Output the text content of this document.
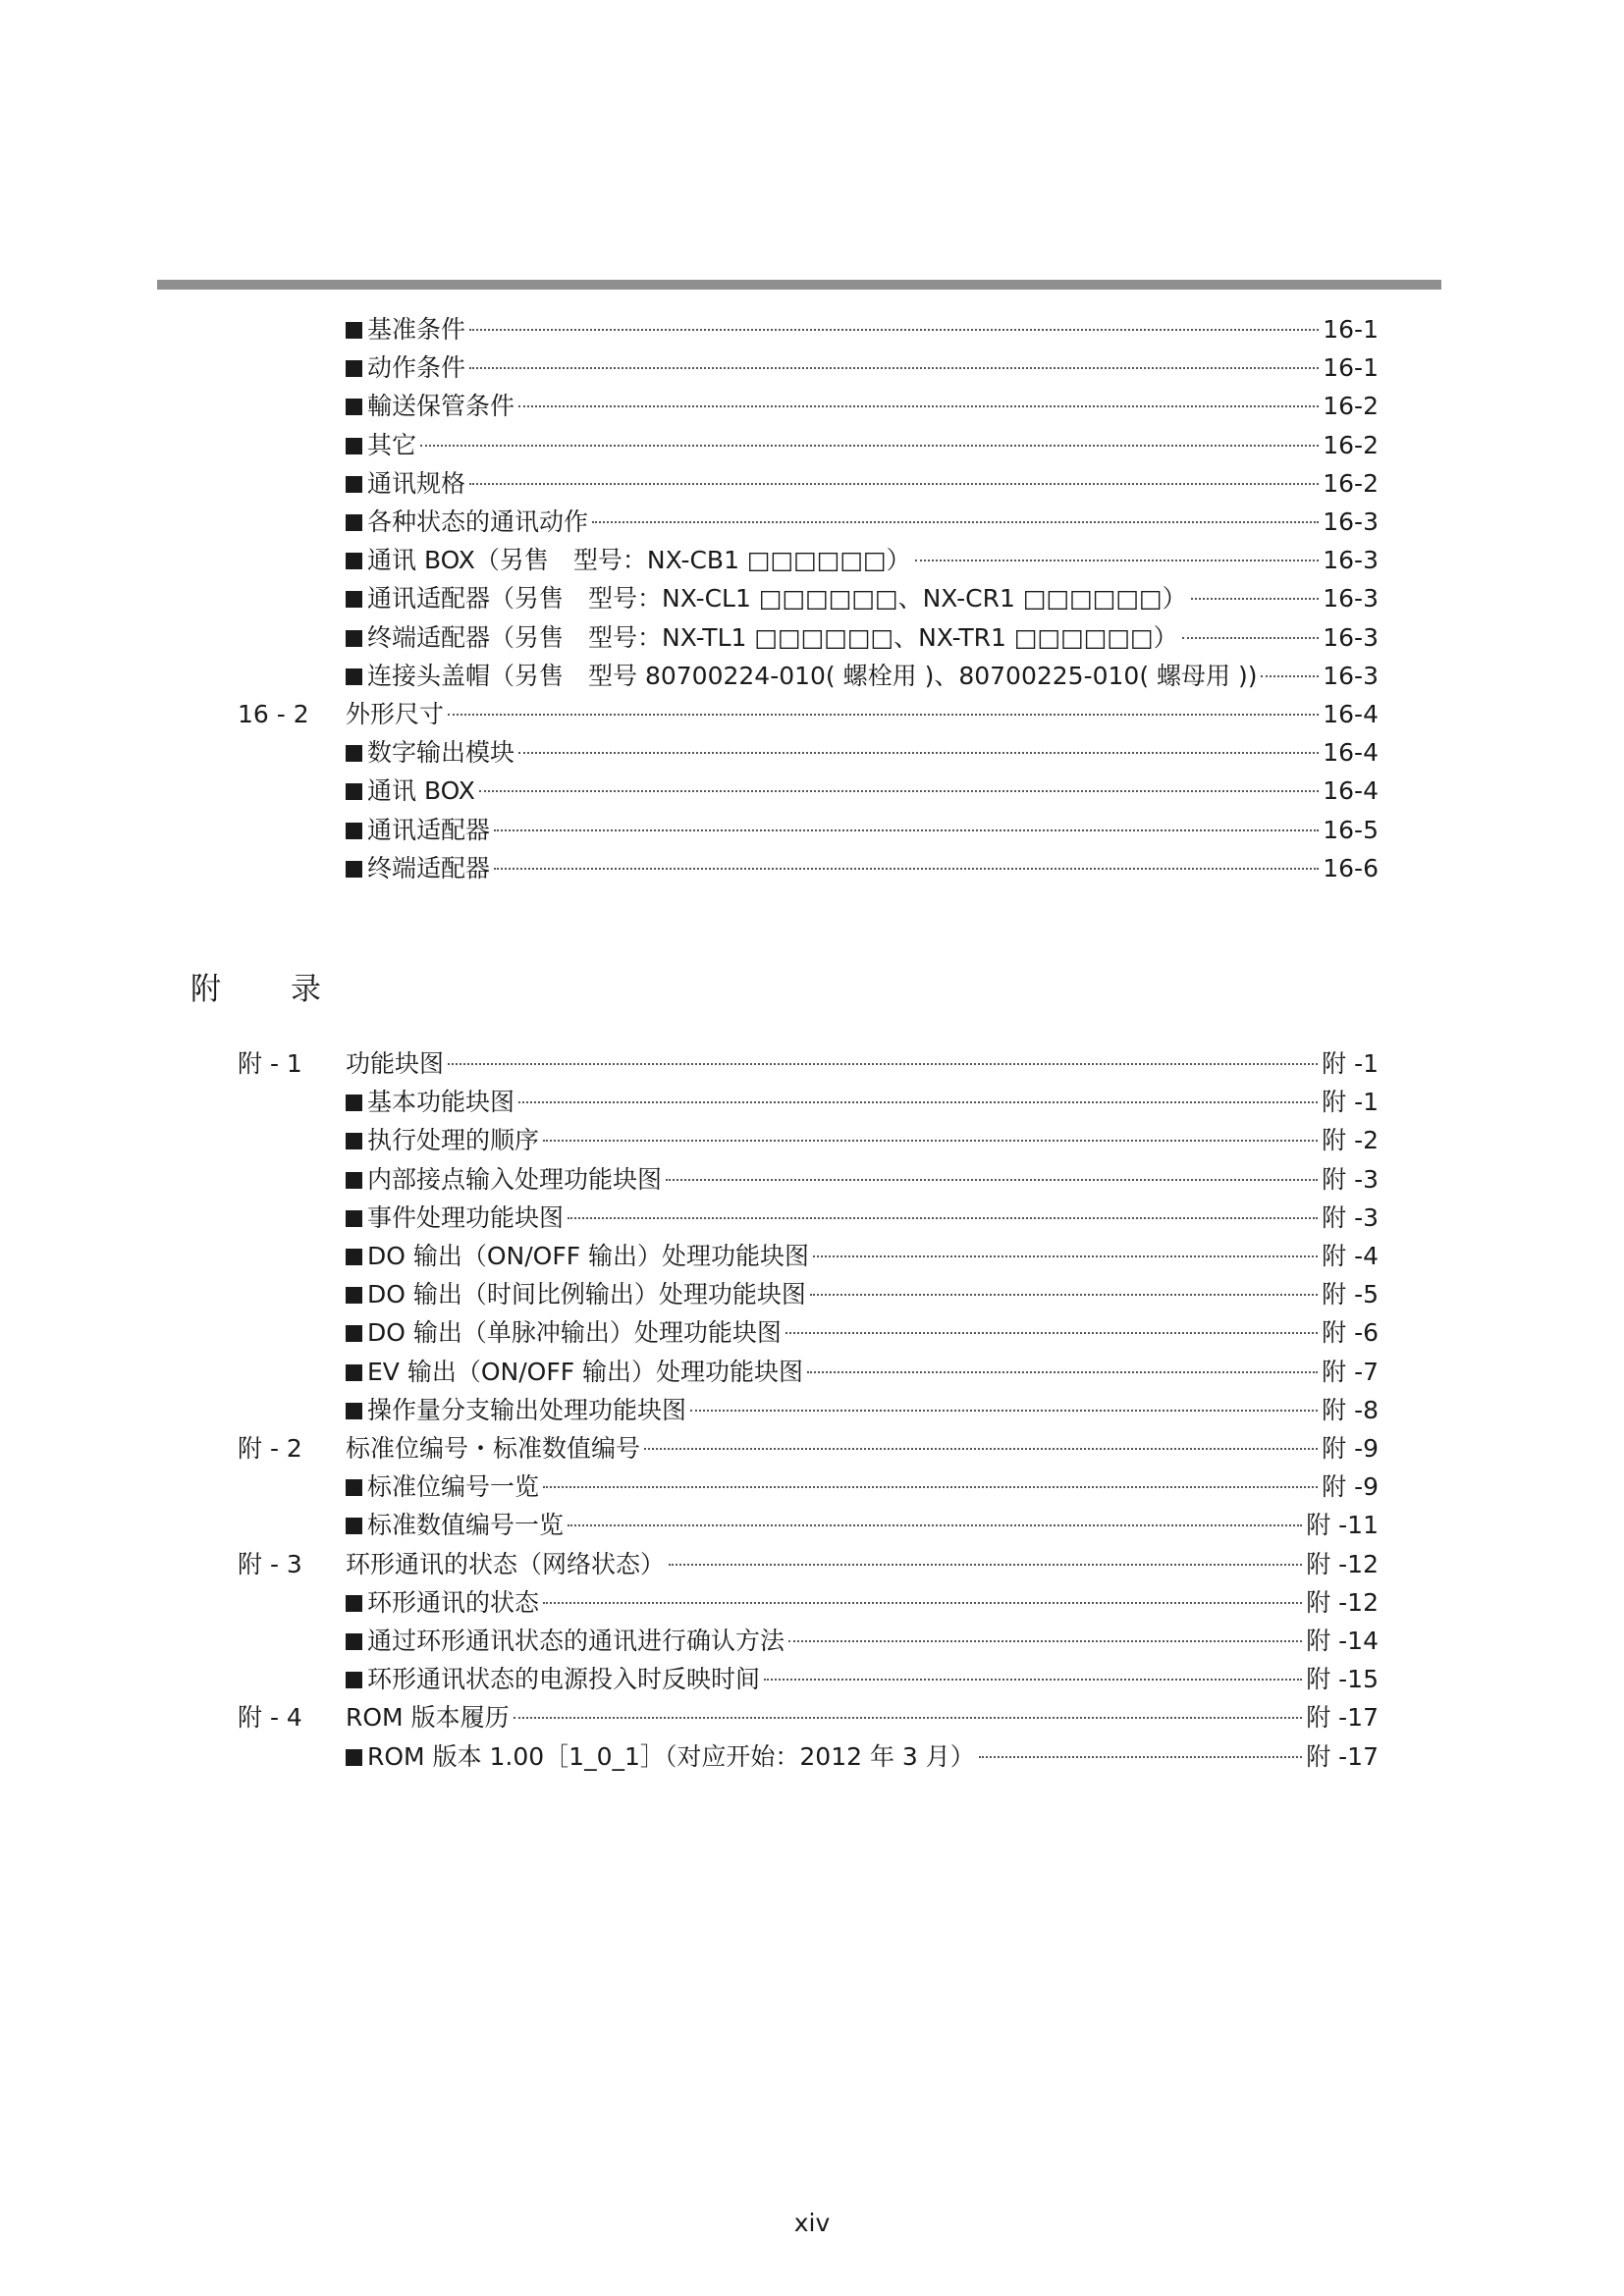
基准条件	16-1
动作条件	16-1
輸送保管条件	16-2
其它	16-2
通讯规格	16-2
各种状态的通讯动作	16-3
通讯 BOX（另售　型号：NX-CB1 □□□□□□）	16-3
通讯适配器（另售　型号：NX-CL1 □□□□□□、NX-CR1 □□□□□□）	16-3
终端适配器（另售　型号：NX-TL1 □□□□□□、NX-TR1 □□□□□□）	16-3
连接头盖帽（另售　型号 80700224-010( 螺栓用 )、80700225-010( 螺母用 ))	16-3
16 - 2 外形尺寸	16-4
数字输出模块	16-4
通讯 BOX	16-4
通讯适配器	16-5
终端适配器	16-6
附 - 1 功能块图	附 -1
基本功能块图	附 -1
执行处理的顺序	附 -2
内部接点输入处理功能块图	附 -3
事件处理功能块图	附 -3
DO 输出（ON/OFF 输出）处理功能块图	附 -4
DO 输出（时间比例输出）处理功能块图	附 -5
DO 输出（单脉冲输出）处理功能块图	附 -6
EV 输出（ON/OFF 输出）处理功能块图	附 -7
操作量分支输出处理功能块图	附 -8
附 - 2 标准位编号・标准数值编号	附 -9
标准位编号一览	附 -9
标准数值编号一览	附 -11
附 - 3 环形通讯的状态（网络状态）	附 -12
环形通讯的状态	附 -12
通过环形通讯状态的通讯进行确认方法	附 -14
环形通讯状态的电源投入时反映时间	附 -15
附 - 4 ROM 版本履历	附 -17
ROM 版本 1.00［1_0_1］（对应开始：2012 年 3 月）	附 -17
附　录
xiv
